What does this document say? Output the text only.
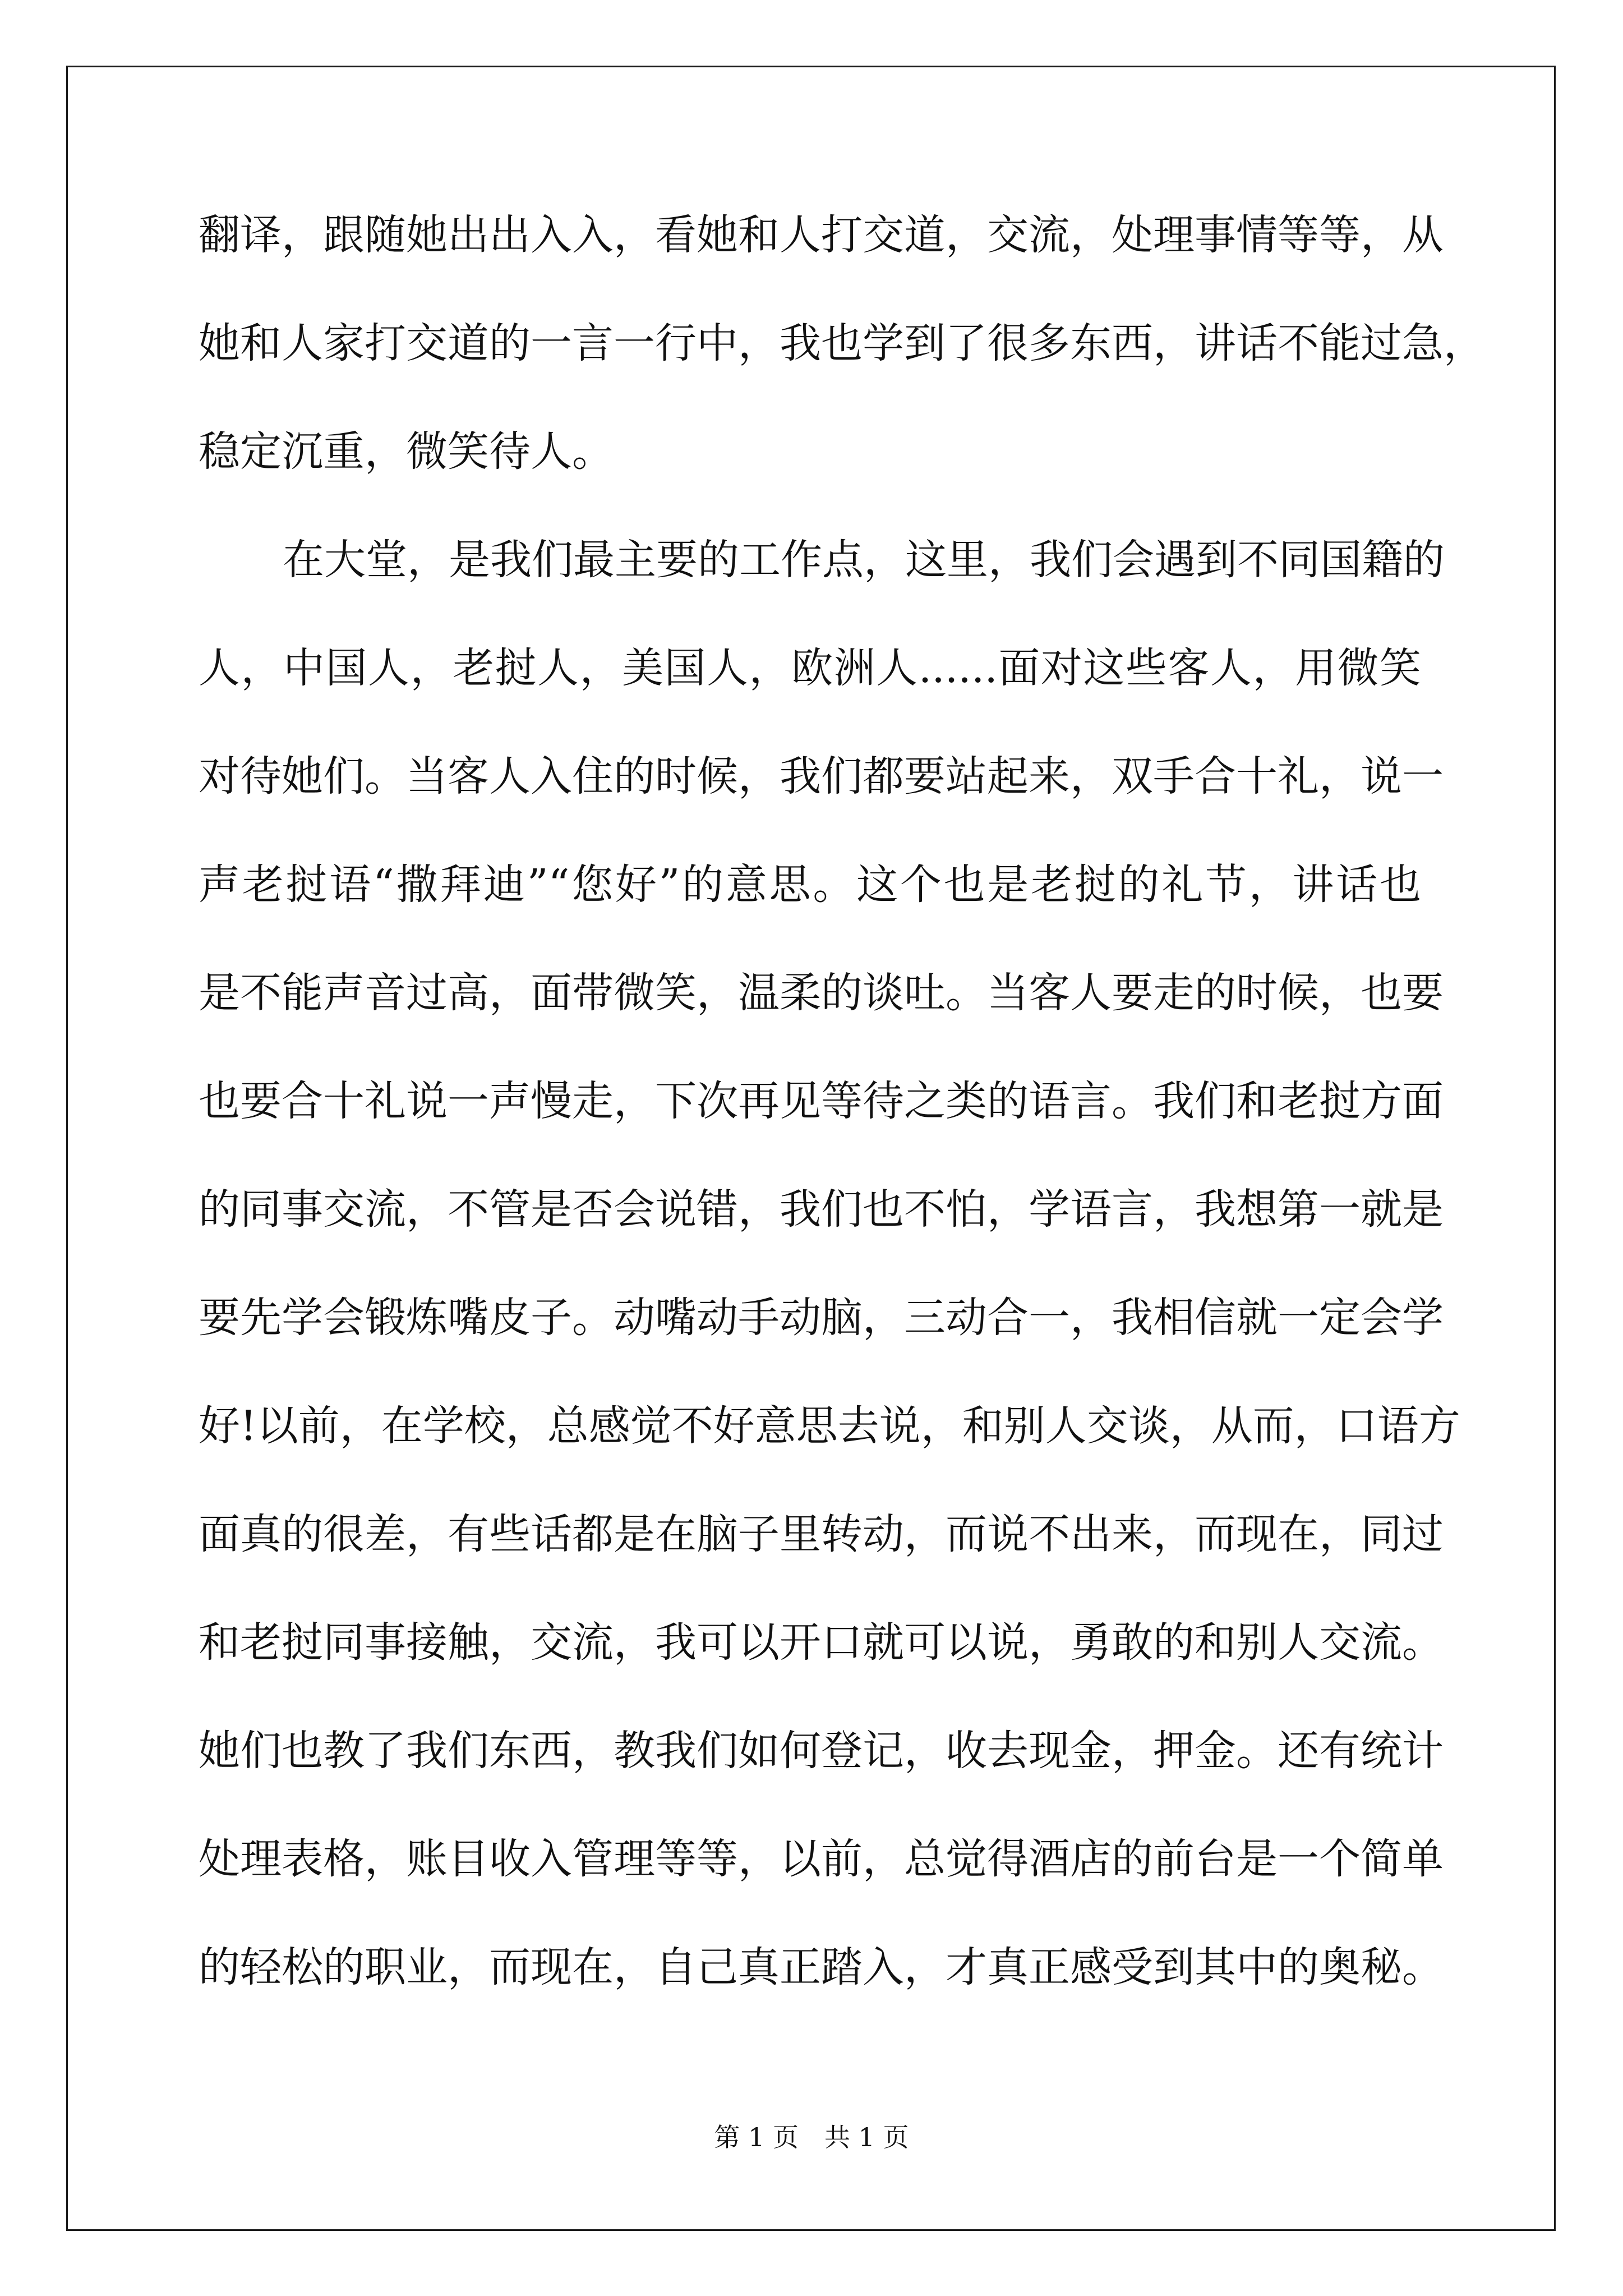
翻译，跟随她出出入入，看她和人打交道，交流，处理事情等等，从
她和人家打交道的一言一行中，我也学到了很多东西，讲话不能过急，
稳定沉重，微笑待人。
在大堂，是我们最主要的工作点，这里，我们会遇到不同国籍的
人，中国人，老挝人，美国人，欧洲人......面对这些客人，用微笑
对待她们。当客人入住的时候，我们都要站起来，双手合十礼，说一
声老挝语“撒拜迪”“您好”的意思。这个也是老挝的礼节，讲话也
是不能声音过高，面带微笑，温柔的谈吐。当客人要走的时候，也要
也要合十礼说一声慢走，下次再见等待之类的语言。我们和老挝方面
的同事交流，不管是否会说错，我们也不怕，学语言，我想第一就是
要先学会锻炼嘴皮子。动嘴动手动脑，三动合一，我相信就一定会学
好!以前，在学校，总感觉不好意思去说，和别人交谈，从而，口语方
面真的很差，有些话都是在脑子里转动，而说不出来，而现在，同过
和老挝同事接触，交流，我可以开口就可以说，勇敢的和别人交流。
她们也教了我们东西，教我们如何登记，收去现金，押金。还有统计
处理表格，账目收入管理等等，以前，总觉得酒店的前台是一个简单
的轻松的职业，而现在，自己真正踏入，才真正感受到其中的奥秘。
第 1 页　共 1 页
